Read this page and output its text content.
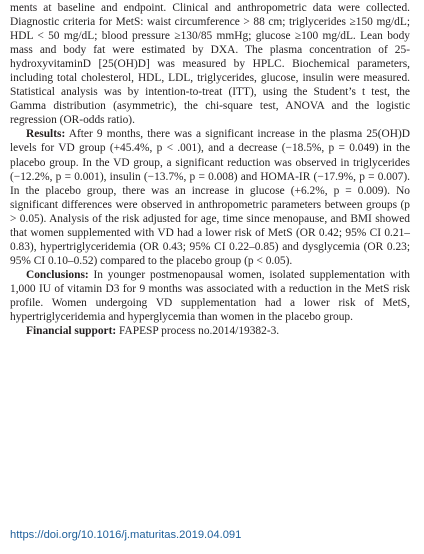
ments at baseline and endpoint. Clinical and anthropometric data were collected. Diagnostic criteria for MetS: waist circumference > 88 cm; triglycerides ≥150 mg/dL; HDL < 50 mg/dL; blood pressure ≥130/85 mmHg; glucose ≥100 mg/dL. Lean body mass and body fat were estimated by DXA. The plasma concentration of 25-hydroxyvitaminD [25(OH)D] was measured by HPLC. Biochemical parameters, including total cholesterol, HDL, LDL, triglycerides, glucose, insulin were measured. Statistical analysis was by intention-to-treat (ITT), using the Student’s t test, the Gamma distribution (asymmetric), the chi-square test, ANOVA and the logistic regression (OR-odds ratio).

Results: After 9 months, there was a significant increase in the plasma 25(OH)D levels for VD group (+45.4%, p < .001), and a decrease (−18.5%, p = 0.049) in the placebo group. In the VD group, a significant reduction was observed in triglycerides (−12.2%, p = 0.001), insulin (−13.7%, p = 0.008) and HOMA-IR (−17.9%, p = 0.007). In the placebo group, there was an increase in glucose (+6.2%, p = 0.009). No significant differences were observed in anthropometric parameters between groups (p > 0.05). Analysis of the risk adjusted for age, time since menopause, and BMI showed that women supplemented with VD had a lower risk of MetS (OR 0.42; 95% CI 0.21–0.83), hypertriglyceridemia (OR 0.43; 95% CI 0.22–0.85) and dysglycemia (OR 0.23; 95% CI 0.10–0.52) compared to the placebo group (p < 0.05).

Conclusions: In younger postmenopausal women, isolated supplementation with 1,000 IU of vitamin D3 for 9 months was associated with a reduction in the MetS risk profile. Women undergoing VD supplementation had a lower risk of MetS, hypertriglyceridemia and hyperglycemia than women in the placebo group.

Financial support: FAPESP process no.2014/19382-3.

https://doi.org/10.1016/j.maturitas.2019.04.091
